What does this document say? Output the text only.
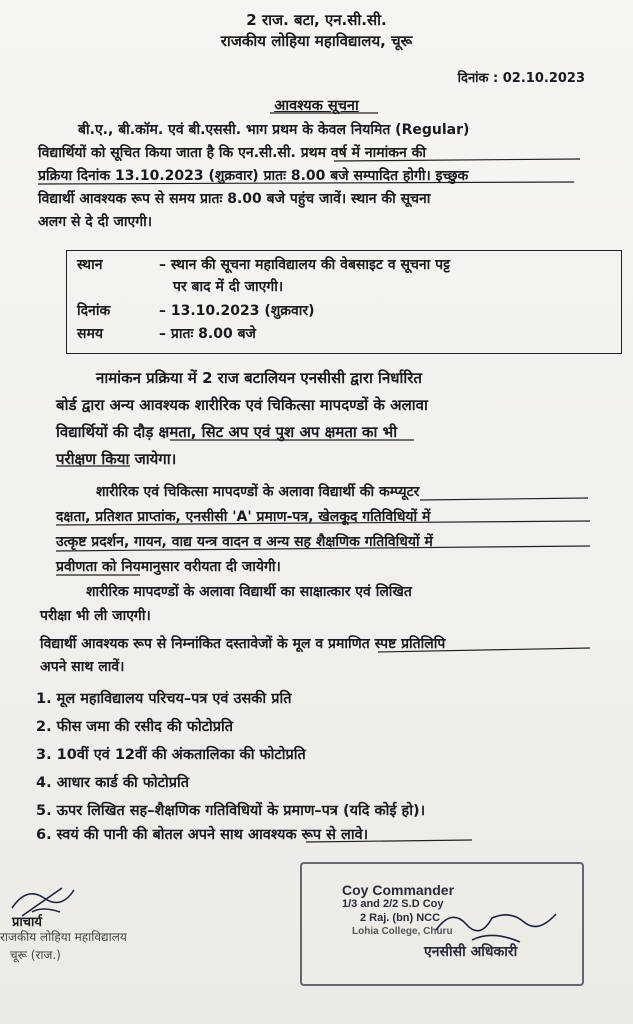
2 राज. बटा, एन.सी.सी.
राजकीय लोहिया महाविद्यालय, चूरू
दिनांक : 02.10.2023
आवश्यक सूचना
बी.ए., बी.कॉम. एवं बी.एससी. भाग प्रथम के केवल नियमित (Regular)
विद्यार्थियों को सूचित किया जाता है कि एन.सी.सी. प्रथम वर्ष में नामांकन की
प्रक्रिया दिनांक 13.10.2023 (शुक्रवार) प्रातः 8.00 बजे सम्पादित होगी। इच्छुक
विद्यार्थी आवश्यक रूप से समय प्रातः 8.00 बजे पहुंच जावें। स्थान की सूचना
अलग से दे दी जाएगी।
स्थान	– स्थान की सूचना महाविद्यालय की वेबसाइट व सूचना पट्ट
पर बाद में दी जाएगी।
दिनांक	– 13.10.2023 (शुक्रवार)
समय	– प्रातः 8.00 बजे
नामांकन प्रक्रिया में 2 राज बटालियन एनसीसी द्वारा निर्धारित
बोर्ड द्वारा अन्य आवश्यक शारीरिक एवं चिकित्सा मापदण्डों के अलावा
विद्यार्थियों की दौड़ क्षमता, सिट अप एवं पुश अप क्षमता का भी
परीक्षण किया जायेगा।
शारीरिक एवं चिकित्सा मापदण्डों के अलावा विद्यार्थी की कम्प्यूटर
दक्षता, प्रतिशत प्राप्तांक, एनसीसी 'A' प्रमाण-पत्र, खेलकूद गतिविधियों में
उत्कृष्ट प्रदर्शन, गायन, वाद्य यन्त्र वादन व अन्य सह शैक्षणिक गतिविधियों में
प्रवीणता को नियमानुसार वरीयता दी जायेगी।
शारीरिक मापदण्डों के अलावा विद्यार्थी का साक्षात्कार एवं लिखित
परीक्षा भी ली जाएगी।
विद्यार्थी आवश्यक रूप से निम्नांकित दस्तावेजों के मूल व प्रमाणित स्पष्ट प्रतिलिपि
अपने साथ लावें।
1. मूल महाविद्यालय परिचय–पत्र एवं उसकी प्रति
2. फीस जमा की रसीद की फोटोप्रति
3. 10वीं एवं 12वीं की अंकतालिका की फोटोप्रति
4. आधार कार्ड की फोटोप्रति
5. ऊपर लिखित सह–शैक्षणिक गतिविधियों के प्रमाण–पत्र (यदि कोई हो)।
6. स्वयं की पानी की बोतल अपने साथ आवश्यक रूप से लावे।
प्राचार्य
राजकीय लोहिया महाविद्यालय
चूरू (राज.)
Coy Commander
1/3 and 2/2 S.D Coy
2 Raj. (bn) NCC
Lohia College, Churu
एनसीसी अधिकारी
